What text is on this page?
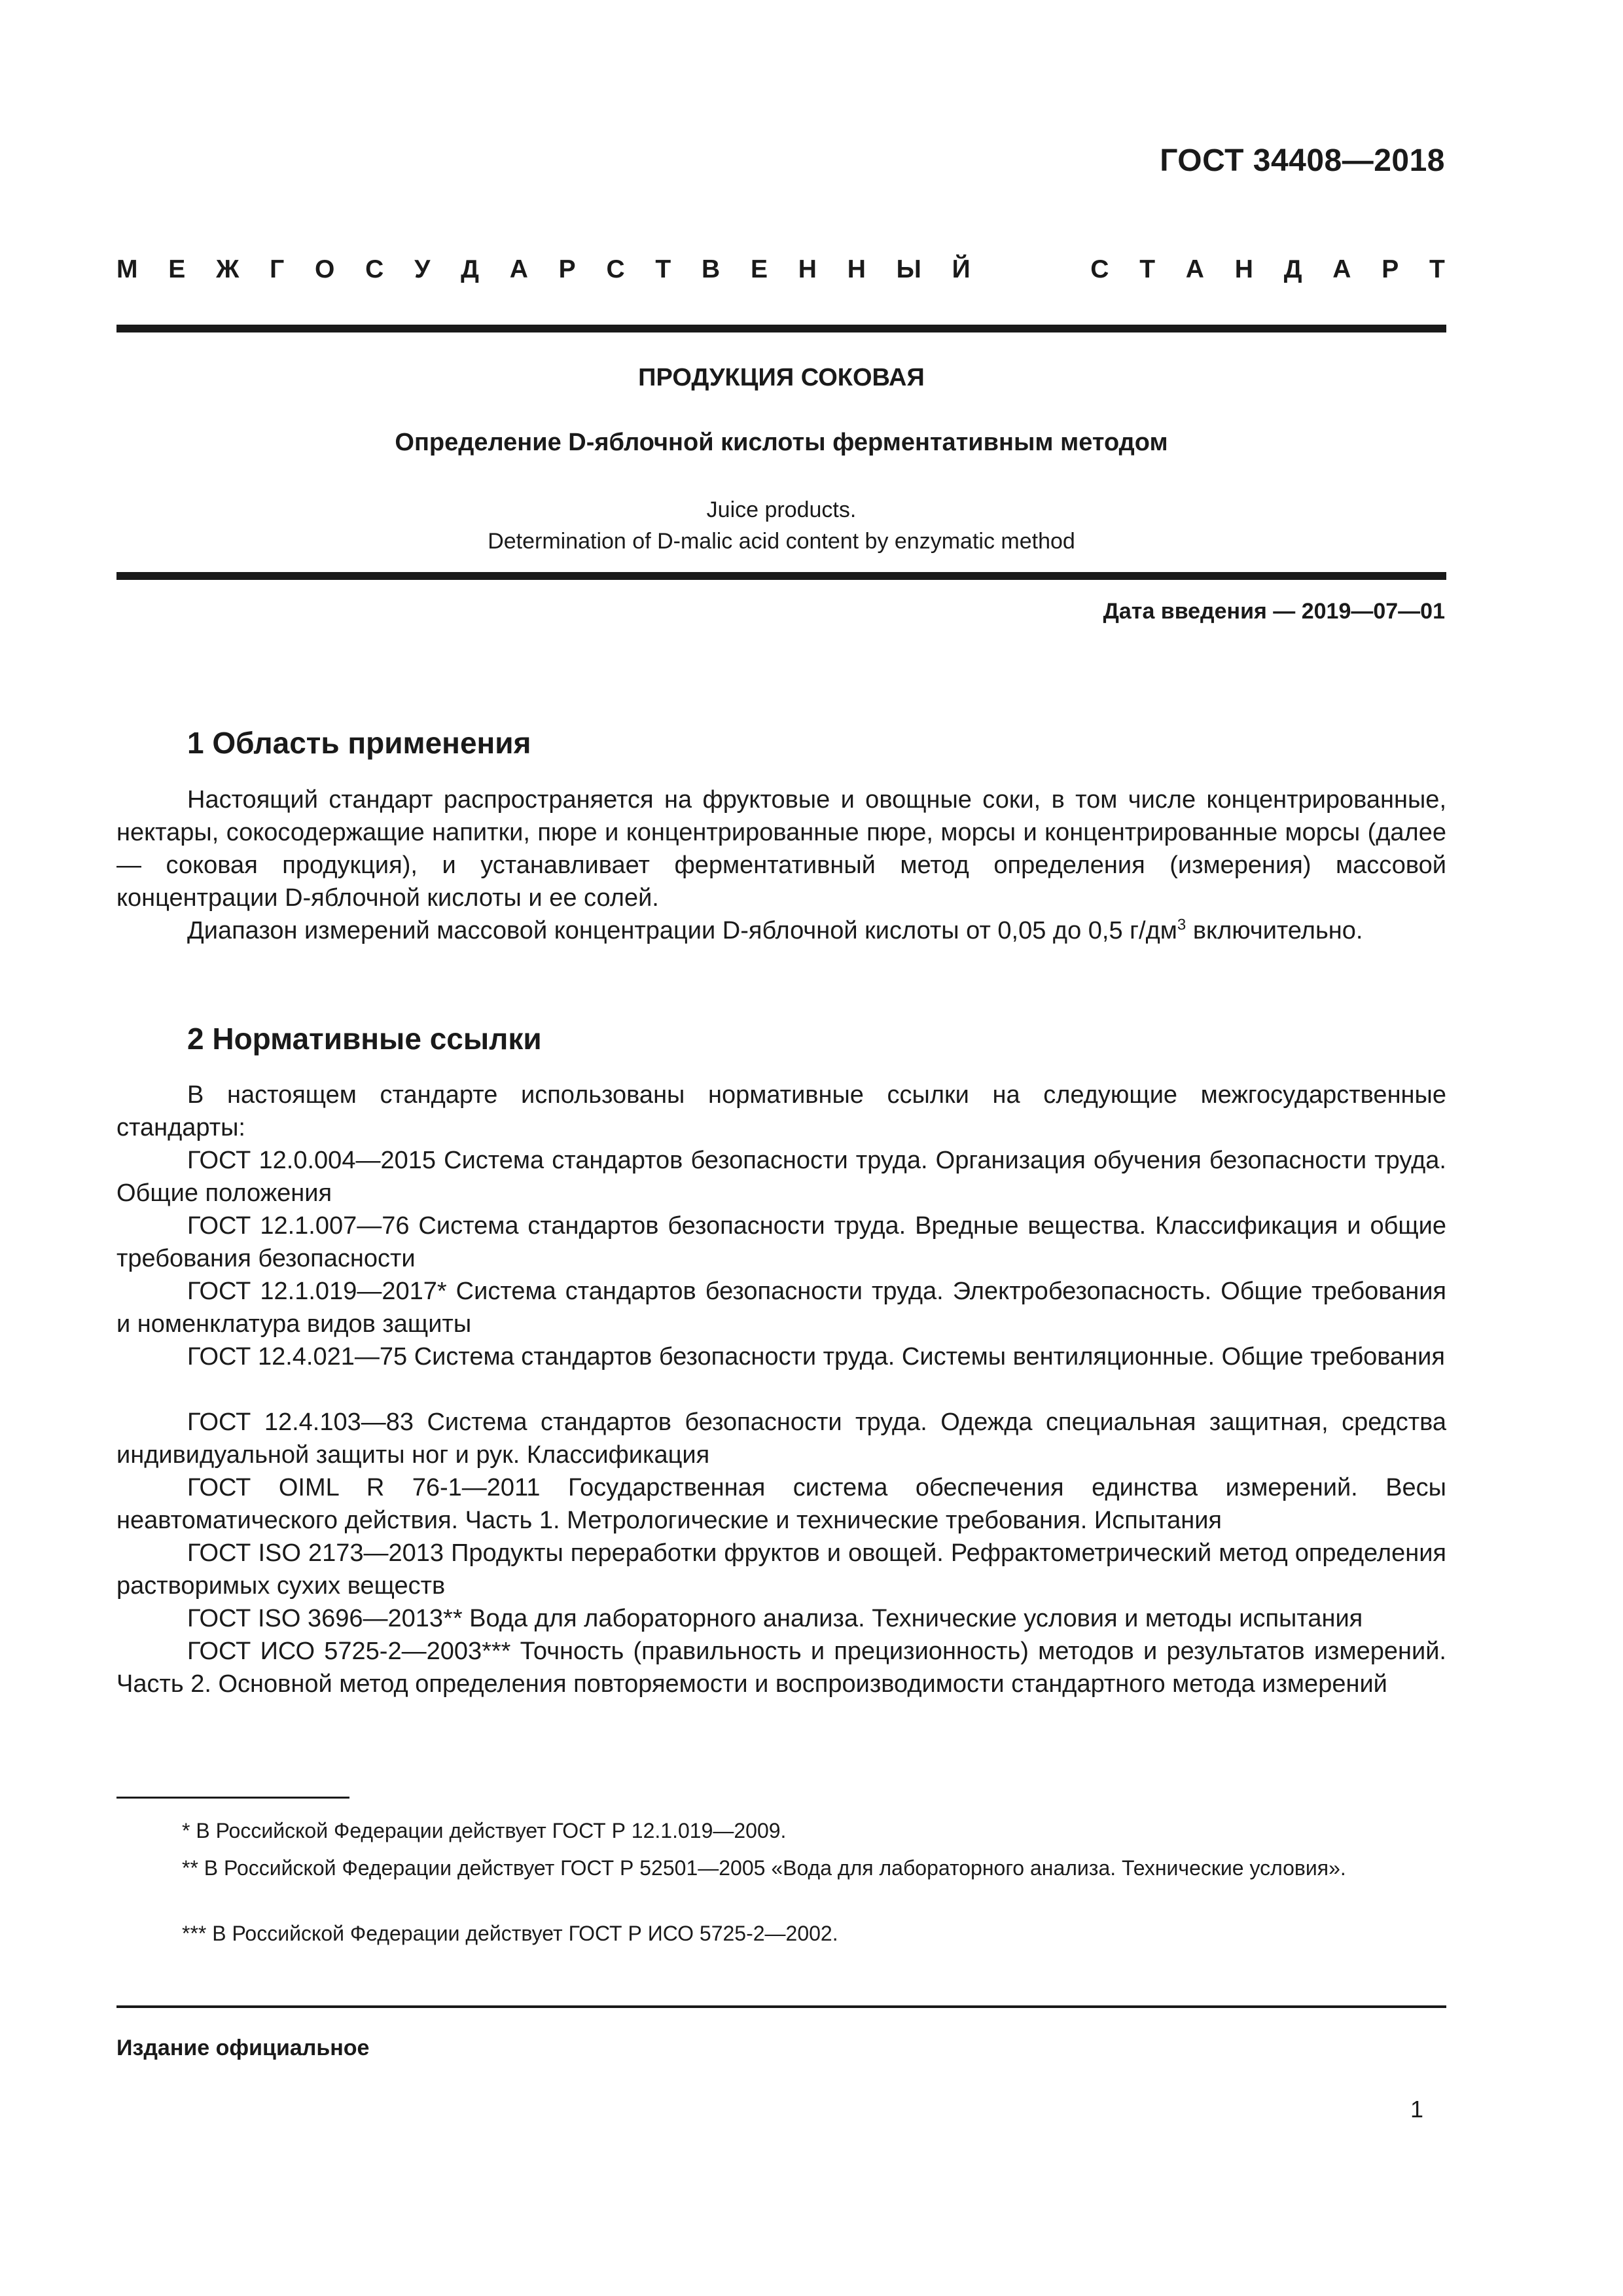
ГОСТ 34408—2018
М Е Ж Г О С У Д А Р С Т В Е Н Н Ы Й	С Т А Н Д А Р Т
ПРОДУКЦИЯ СОКОВАЯ
Определение D-яблочной кислоты ферментативным методом
Juice products.
Determination of D-malic acid content by enzymatic method
Дата введения — 2019—07—01
1 Область применения

Настоящий стандарт распространяется на фруктовые и овощные соки, в том числе концентрированные, нектары, сокосодержащие напитки, пюре и концентрированные пюре, морсы и концентрированные морсы (далее — соковая продукция), и устанавливает ферментативный метод определения (измерения) массовой концентрации D-яблочной кислоты и ее солей.

Диапазон измерений массовой концентрации D-яблочной кислоты от 0,05 до 0,5 $г/дм^3$ включительно.

2 Нормативные ссылки

В настоящем стандарте использованы нормативные ссылки на следующие межгосударственные стандарты:

ГОСТ 12.0.004—2015 Система стандартов безопасности труда. Организация обучения безопасности труда. Общие положения

ГОСТ 12.1.007—76 Система стандартов безопасности труда. Вредные вещества. Классификация и общие требования безопасности

ГОСТ 12.1.019—2017* Система стандартов безопасности труда. Электробезопасность. Общие требования и номенклатура видов защиты

ГОСТ 12.4.021—75 Система стандартов безопасности труда. Системы вентиляционные. Общие требования

ГОСТ 12.4.103—83 Система стандартов безопасности труда. Одежда специальная защитная, средства индивидуальной защиты ног и рук. Классификация

ГОСТ OIML R 76-1—2011 Государственная система обеспечения единства измерений. Весы неавтоматического действия. Часть 1. Метрологические и технические требования. Испытания

ГОСТ ISO 2173—2013 Продукты переработки фруктов и овощей. Рефрактометрический метод определения растворимых сухих веществ

ГОСТ ISO 3696—2013** Вода для лабораторного анализа. Технические условия и методы испытания

ГОСТ ИСО 5725-2—2003*** Точность (правильность и прецизионность) методов и результатов измерений. Часть 2. Основной метод определения повторяемости и воспроизводимости стандартного метода измерений

* В Российской Федерации действует ГОСТ Р 12.1.019—2009.

** В Российской Федерации действует ГОСТ Р 52501—2005 «Вода для лабораторного анализа. Технические условия».

*** В Российской Федерации действует ГОСТ Р ИСО 5725-2—2002.

Издание официальное
1
